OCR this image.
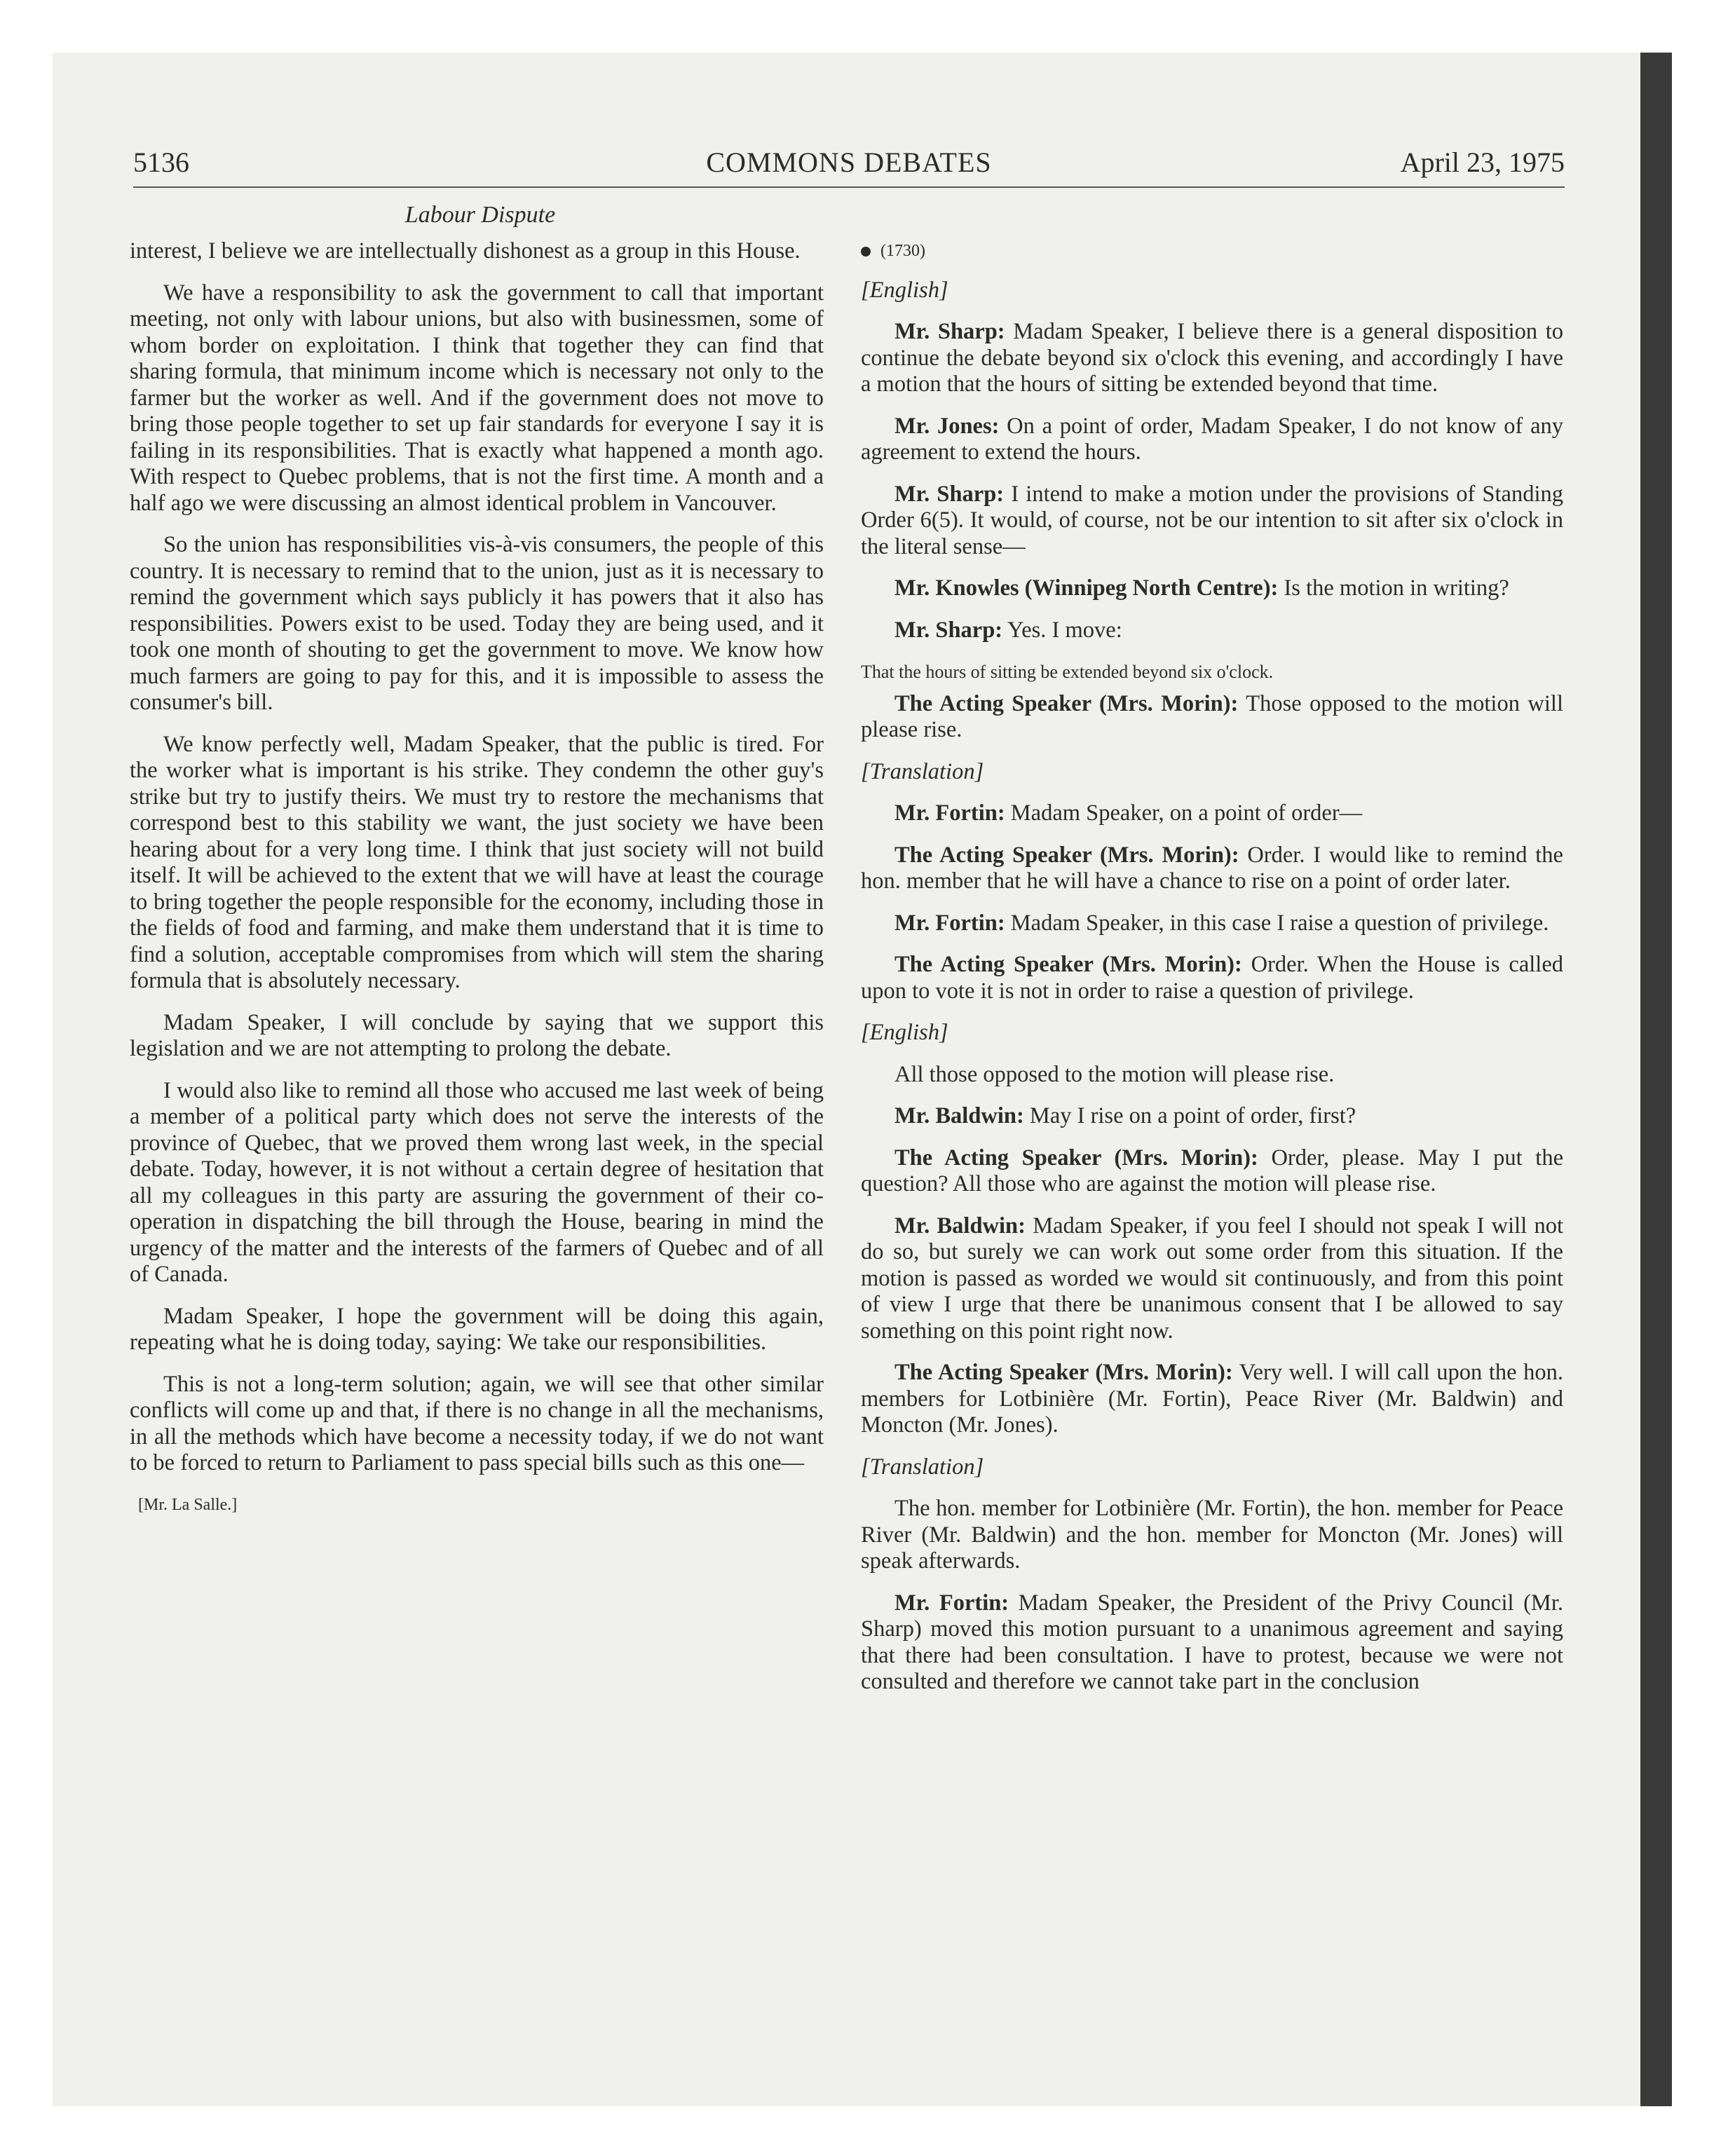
5136	COMMONS DEBATES	April 23, 1975
Labour Dispute

interest, I believe we are intellectually dishonest as a group in this House.

We have a responsibility to ask the government to call that important meeting, not only with labour unions, but also with businessmen, some of whom border on exploitation. I think that together they can find that sharing formula, that minimum income which is necessary not only to the farmer but the worker as well. And if the government does not move to bring those people together to set up fair standards for everyone I say it is failing in its responsibilities. That is exactly what happened a month ago. With respect to Quebec problems, that is not the first time. A month and a half ago we were discussing an almost identical problem in Vancouver.

So the union has responsibilities vis-à-vis consumers, the people of this country. It is necessary to remind that to the union, just as it is necessary to remind the government which says publicly it has powers that it also has responsibilities. Powers exist to be used. Today they are being used, and it took one month of shouting to get the government to move. We know how much farmers are going to pay for this, and it is impossible to assess the consumer's bill.

We know perfectly well, Madam Speaker, that the public is tired. For the worker what is important is his strike. They condemn the other guy's strike but try to justify theirs. We must try to restore the mechanisms that correspond best to this stability we want, the just society we have been hearing about for a very long time. I think that just society will not build itself. It will be achieved to the extent that we will have at least the courage to bring together the people responsible for the economy, including those in the fields of food and farming, and make them understand that it is time to find a solution, acceptable compromises from which will stem the sharing formula that is absolutely necessary.

Madam Speaker, I will conclude by saying that we support this legislation and we are not attempting to prolong the debate.

I would also like to remind all those who accused me last week of being a member of a political party which does not serve the interests of the province of Quebec, that we proved them wrong last week, in the special debate. Today, however, it is not without a certain degree of hesitation that all my colleagues in this party are assuring the government of their co-operation in dispatching the bill through the House, bearing in mind the urgency of the matter and the interests of the farmers of Quebec and of all of Canada.

Madam Speaker, I hope the government will be doing this again, repeating what he is doing today, saying: We take our responsibilities.

This is not a long-term solution; again, we will see that other similar conflicts will come up and that, if there is no change in all the mechanisms, in all the methods which have become a necessity today, if we do not want to be forced to return to Parliament to pass special bills such as this one—

[Mr. La Salle.]

(1730)

[English]

Mr. Sharp: Madam Speaker, I believe there is a general disposition to continue the debate beyond six o'clock this evening, and accordingly I have a motion that the hours of sitting be extended beyond that time.

Mr. Jones: On a point of order, Madam Speaker, I do not know of any agreement to extend the hours.

Mr. Sharp: I intend to make a motion under the provisions of Standing Order 6(5). It would, of course, not be our intention to sit after six o'clock in the literal sense—

Mr. Knowles (Winnipeg North Centre): Is the motion in writing?

Mr. Sharp: Yes. I move:

That the hours of sitting be extended beyond six o'clock.

The Acting Speaker (Mrs. Morin): Those opposed to the motion will please rise.

[Translation]

Mr. Fortin: Madam Speaker, on a point of order—

The Acting Speaker (Mrs. Morin): Order. I would like to remind the hon. member that he will have a chance to rise on a point of order later.

Mr. Fortin: Madam Speaker, in this case I raise a question of privilege.

The Acting Speaker (Mrs. Morin): Order. When the House is called upon to vote it is not in order to raise a question of privilege.

[English]

All those opposed to the motion will please rise.

Mr. Baldwin: May I rise on a point of order, first?

The Acting Speaker (Mrs. Morin): Order, please. May I put the question? All those who are against the motion will please rise.

Mr. Baldwin: Madam Speaker, if you feel I should not speak I will not do so, but surely we can work out some order from this situation. If the motion is passed as worded we would sit continuously, and from this point of view I urge that there be unanimous consent that I be allowed to say something on this point right now.

The Acting Speaker (Mrs. Morin): Very well. I will call upon the hon. members for Lotbinière (Mr. Fortin), Peace River (Mr. Baldwin) and Moncton (Mr. Jones).

[Translation]

The hon. member for Lotbinière (Mr. Fortin), the hon. member for Peace River (Mr. Baldwin) and the hon. member for Moncton (Mr. Jones) will speak afterwards.

Mr. Fortin: Madam Speaker, the President of the Privy Council (Mr. Sharp) moved this motion pursuant to a unanimous agreement and saying that there had been consultation. I have to protest, because we were not consulted and therefore we cannot take part in the conclusion
